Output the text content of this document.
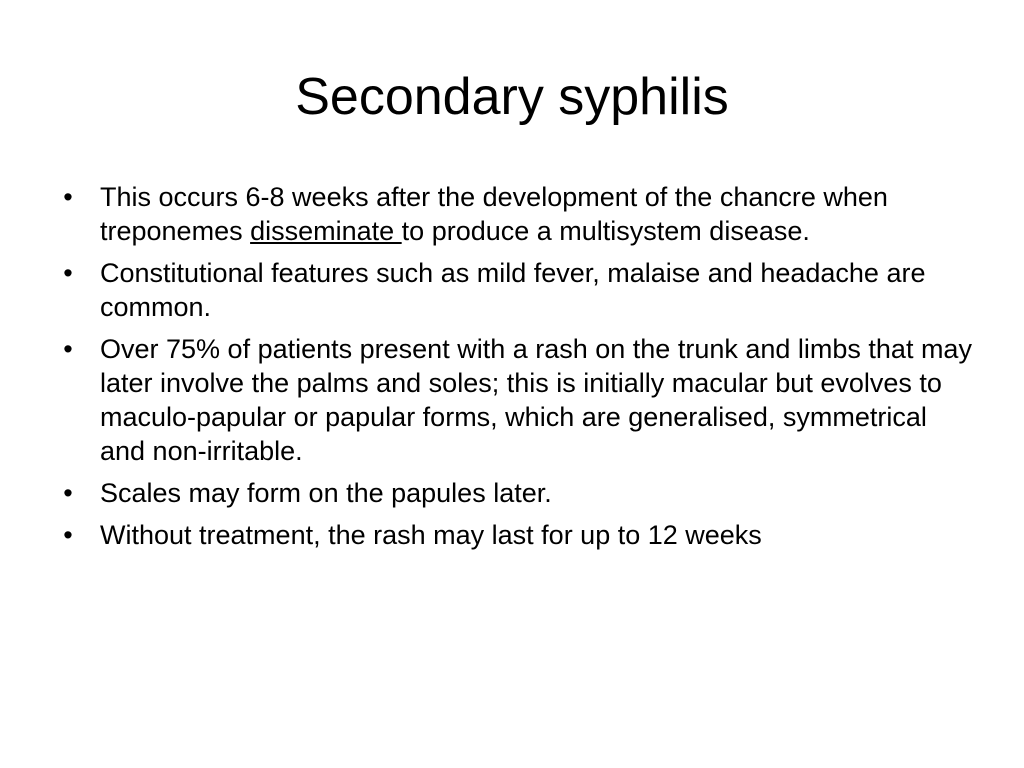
Secondary syphilis
• This occurs 6-8 weeks after the development of the chancre when treponemes disseminate to produce a multisystem disease.
• Constitutional features such as mild fever, malaise and headache are common.
• Over 75% of patients present with a rash on the trunk and limbs that may later involve the palms and soles; this is initially macular but evolves to maculo-papular or papular forms, which are generalised, symmetrical and non-irritable.
• Scales may form on the papules later.
• Without treatment, the rash may last for up to 12 weeks
